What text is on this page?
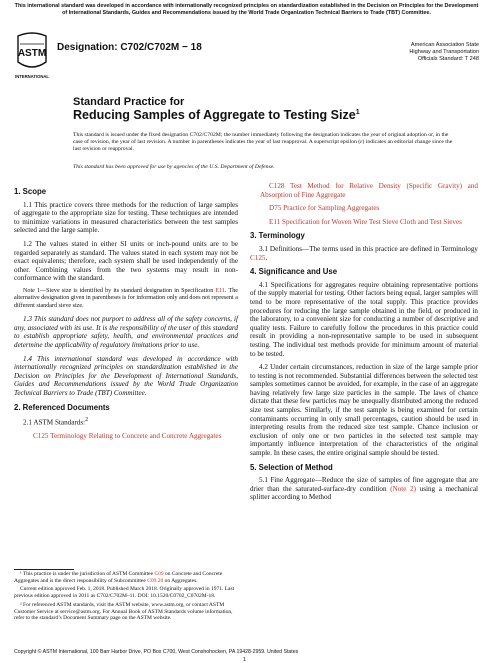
This international standard was developed in accordance with internationally recognized principles on standardization established in the Decision on Principles for the Development of International Standards, Guides and Recommendations issued by the World Trade Organization Technical Barriers to Trade (TBT) Committee.
ASTM
INTERNATIONAL
Designation: C702/C702M − 18	American Association State
Highway and Transportation
Officials Standard: T 248
Standard Practice for
Reducing Samples of Aggregate to Testing Size$^1$
This standard is issued under the fixed designation C702/C702M; the number immediately following the designation indicates the year of original adoption or, in the case of revision, the year of last revision. A number in parentheses indicates the year of last reapproval. A superscript epsilon (ε) indicates an editorial change since the last revision or reapproval.
This standard has been approved for use by agencies of the U.S. Department of Defense.
1. Scope

1.1 This practice covers three methods for the reduction of large samples of aggregate to the appropriate size for testing. These techniques are intended to minimize variations in measured characteristics between the test samples selected and the large sample.

1.2 The values stated in either SI units or inch-pound units are to be regarded separately as standard. The values stated in each system may not be exact equivalents; therefore, each system shall be used independently of the other. Combining values from the two systems may result in non-conformance with the standard.

Note 1—Sieve size is identified by its standard designation in Specification E11. The alternative designation given in parentheses is for information only and does not represent a different standard sieve size.

1.3 This standard does not purport to address all of the safety concerns, if any, associated with its use. It is the responsibility of the user of this standard to establish appropriate safety, health, and environmental practices and determine the applicability of regulatory limitations prior to use.

1.4 This international standard was developed in accordance with internationally recognized principles on standardization established in the Decision on Principles for the Development of International Standards, Guides and Recommendations issued by the World Trade Organization Technical Barriers to Trade (TBT) Committee.

2. Referenced Documents

2.1 ASTM Standards:$^2$

C125 Terminology Relating to Concrete and Concrete Aggregates

C128 Test Method for Relative Density (Specific Gravity) and Absorption of Fine Aggregate

D75 Practice for Sampling Aggregates

E11 Specification for Woven Wire Test Sieve Cloth and Test Sieves

3. Terminology

3.1 Definitions—The terms used in this practice are defined in Terminology C125.

4. Significance and Use

4.1 Specifications for aggregates require obtaining representative portions of the supply material for testing. Other factors being equal, larger samples will tend to be more representative of the total supply. This practice provides procedures for reducing the large sample obtained in the field, or produced in the laboratory, to a convenient size for conducting a number of descriptive and quality tests. Failure to carefully follow the procedures in this practice could result in providing a non-representative sample to be used in subsequent testing. The individual test methods provide for minimum amount of material to be tested.

4.2 Under certain circumstances, reduction in size of the large sample prior to testing is not recommended. Substantial differences between the selected test samples sometimes cannot be avoided, for example, in the case of an aggregate having relatively few large size particles in the sample. The laws of chance dictate that these few particles may be unequally distributed among the reduced size test samples. Similarly, if the test sample is being examined for certain contaminants occurring in only small percentages, caution should be used in interpreting results from the reduced size test sample. Chance inclusion or exclusion of only one or two particles in the selected test sample may importantly influence interpretation of the characteristics of the original sample. In these cases, the entire original sample should be tested.

5. Selection of Method

5.1 Fine Aggregate—Reduce the size of samples of fine aggregate that are drier than the saturated-surface-dry condition (Note 2) using a mechanical splitter according to Method

¹ This practice is under the jurisdiction of ASTM Committee C09 on Concrete and Concrete Aggregates and is the direct responsibility of Subcommittee C09.20 on Aggregates.

Current edition approved Feb. 1, 2018. Published March 2018. Originally approved in 1971. Last previous edition approved in 2011 as C702/C702M–11. DOI: 10.1520/C0702_C0702M-18.

² For referenced ASTM standards, visit the ASTM website, www.astm.org, or contact ASTM Customer Service at service@astm.org. For Annual Book of ASTM Standards volume information, refer to the standard’s Document Summary page on the ASTM website.

Copyright © ASTM International, 100 Barr Harbor Drive, PO Box C700, West Conshohocken, PA 19428-2959. United States
1
